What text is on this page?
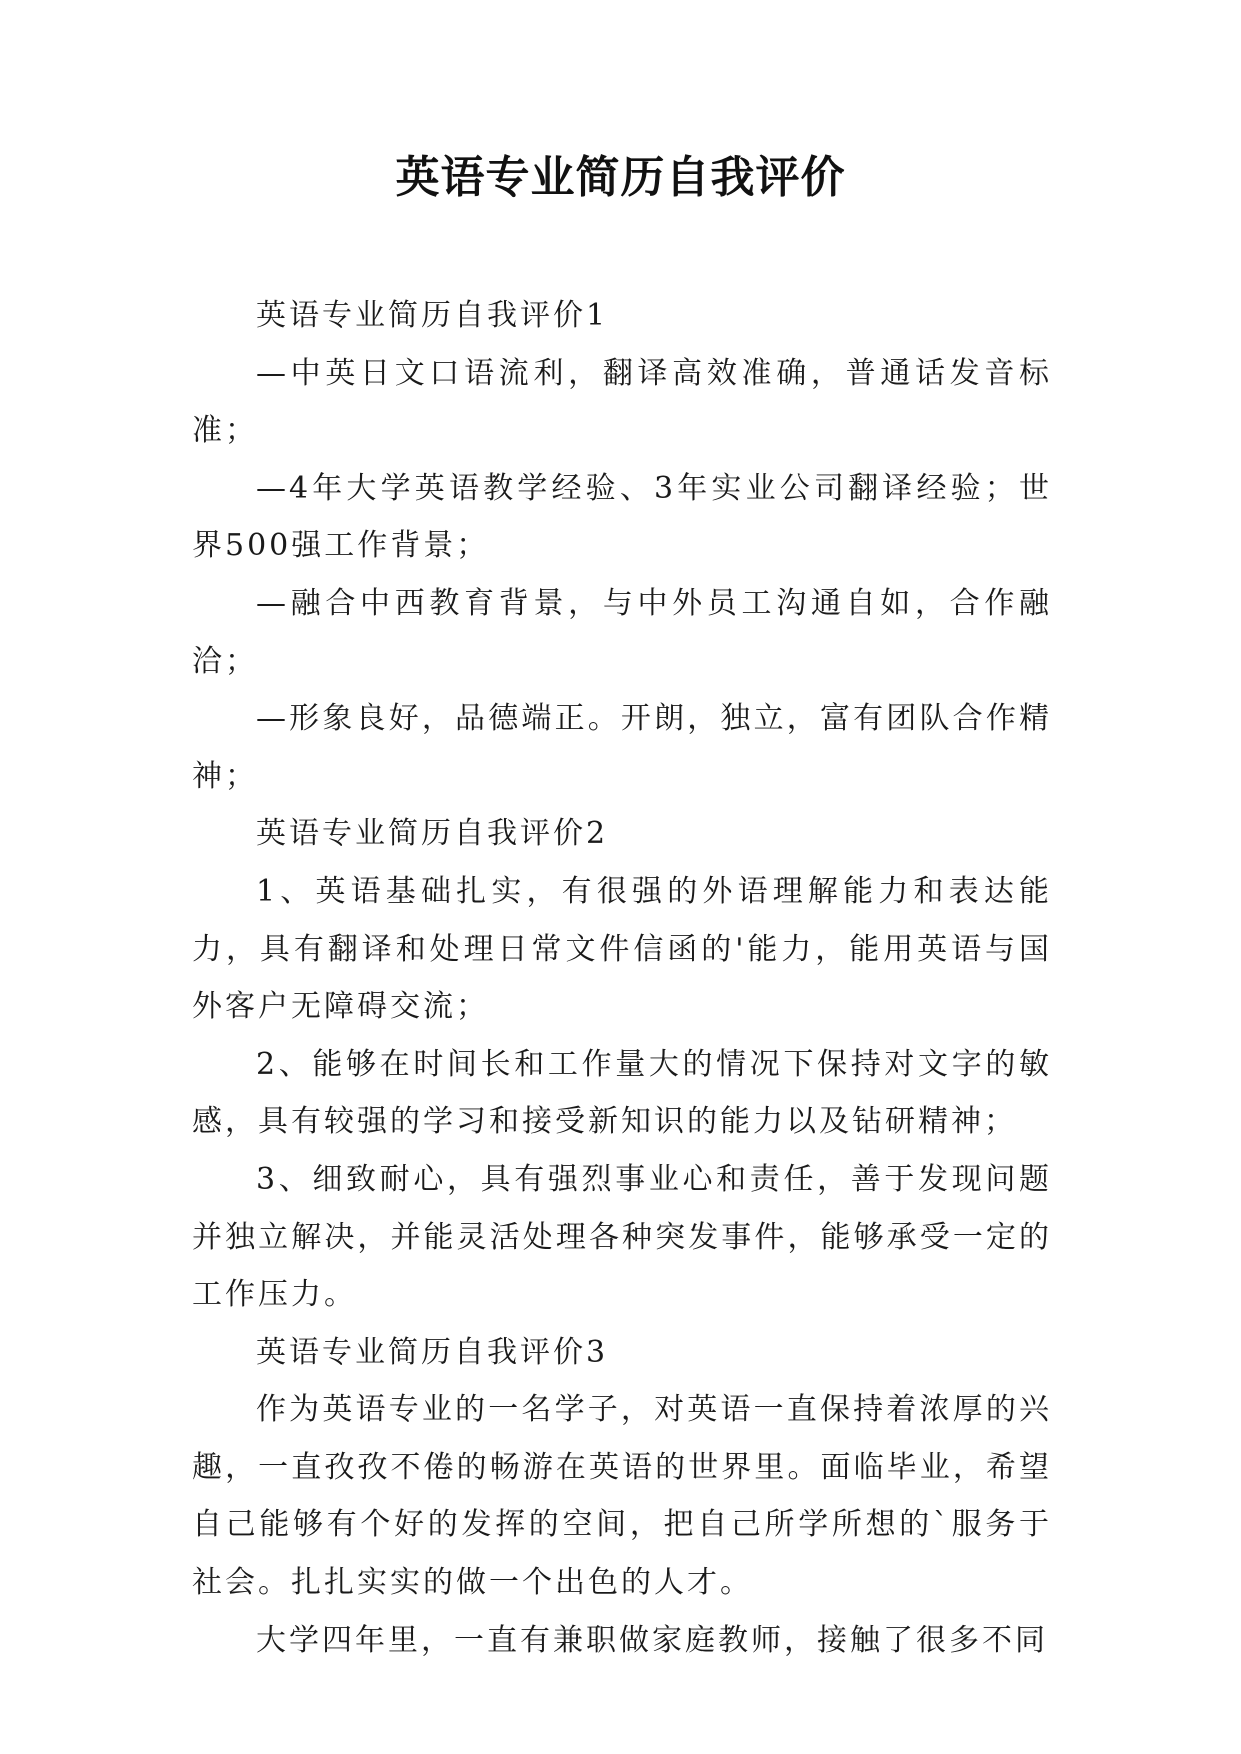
英语专业简历自我评价

英语专业简历自我评价1

—中英日文口语流利，翻译高效准确，普通话发音标准；

—4年大学英语教学经验、3年实业公司翻译经验；世界500强工作背景；

—融合中西教育背景，与中外员工沟通自如，合作融洽；

—形象良好，品德端正。开朗，独立，富有团队合作精神；

英语专业简历自我评价2

1、英语基础扎实，有很强的外语理解能力和表达能力，具有翻译和处理日常文件信函的'能力，能用英语与国外客户无障碍交流；

2、能够在时间长和工作量大的情况下保持对文字的敏感，具有较强的学习和接受新知识的能力以及钻研精神；

3、细致耐心，具有强烈事业心和责任，善于发现问题并独立解决，并能灵活处理各种突发事件，能够承受一定的工作压力。

英语专业简历自我评价3

作为英语专业的一名学子，对英语一直保持着浓厚的兴趣，一直孜孜不倦的畅游在英语的世界里。面临毕业，希望自己能够有个好的发挥的空间，把自己所学所想的`服务于社会。扎扎实实的做一个出色的人才。

大学四年里，一直有兼职做家庭教师，接触了很多不同
